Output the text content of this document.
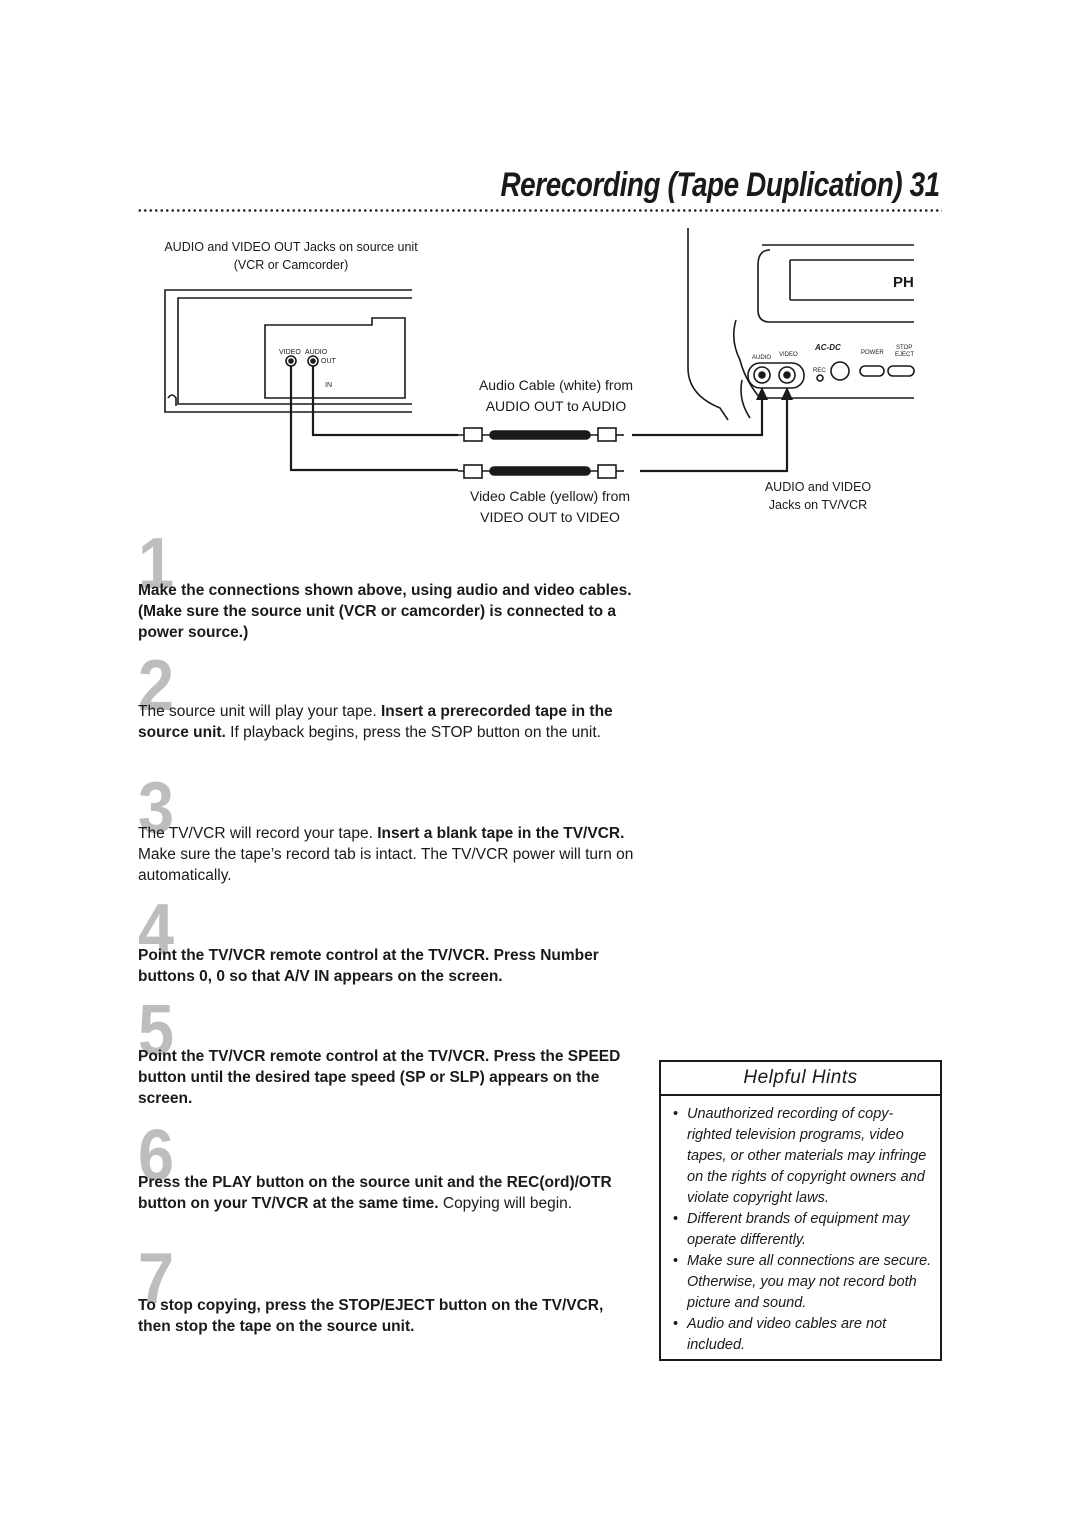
Rerecording (Tape Duplication) 31
AUDIO and VIDEO OUT Jacks on source unit
(VCR or Camcorder)
Audio Cable (white) from
AUDIO OUT to AUDIO
Video Cable (yellow) from
VIDEO OUT to VIDEO
AUDIO and VIDEO
Jacks on TV/VCR
VIDEO AUDIO
OUT
IN
AUDIO VIDEO
AC-DC
POWER
STOP
EJECT
REC
PH
1
Make the connections shown above, using audio and video cables. (Make sure the source unit (VCR or camcorder) is connected to a power source.)
2
The source unit will play your tape. Insert a prerecorded tape in the source unit. If playback begins, press the STOP button on the unit.
3
The TV/VCR will record your tape. Insert a blank tape in the TV/VCR. Make sure the tape’s record tab is intact. The TV/VCR power will turn on automatically.
4
Point the TV/VCR remote control at the TV/VCR. Press Number buttons 0, 0 so that A/V IN appears on the screen.
5
Point the TV/VCR remote control at the TV/VCR. Press the SPEED button until the desired tape speed (SP or SLP) appears on the screen.
6
Press the PLAY button on the source unit and the REC(ord)/OTR button on your TV/VCR at the same time. Copying will begin.
7
To stop copying, press the STOP/EJECT button on the TV/VCR, then stop the tape on the source unit.
Helpful Hints
• Unauthorized recording of copy-righted television programs, video tapes, or other materials may infringe on the rights of copyright owners and violate copyright laws.
• Different brands of equipment may operate differently.
• Make sure all connections are secure. Otherwise, you may not record both picture and sound.
• Audio and video cables are not included.
